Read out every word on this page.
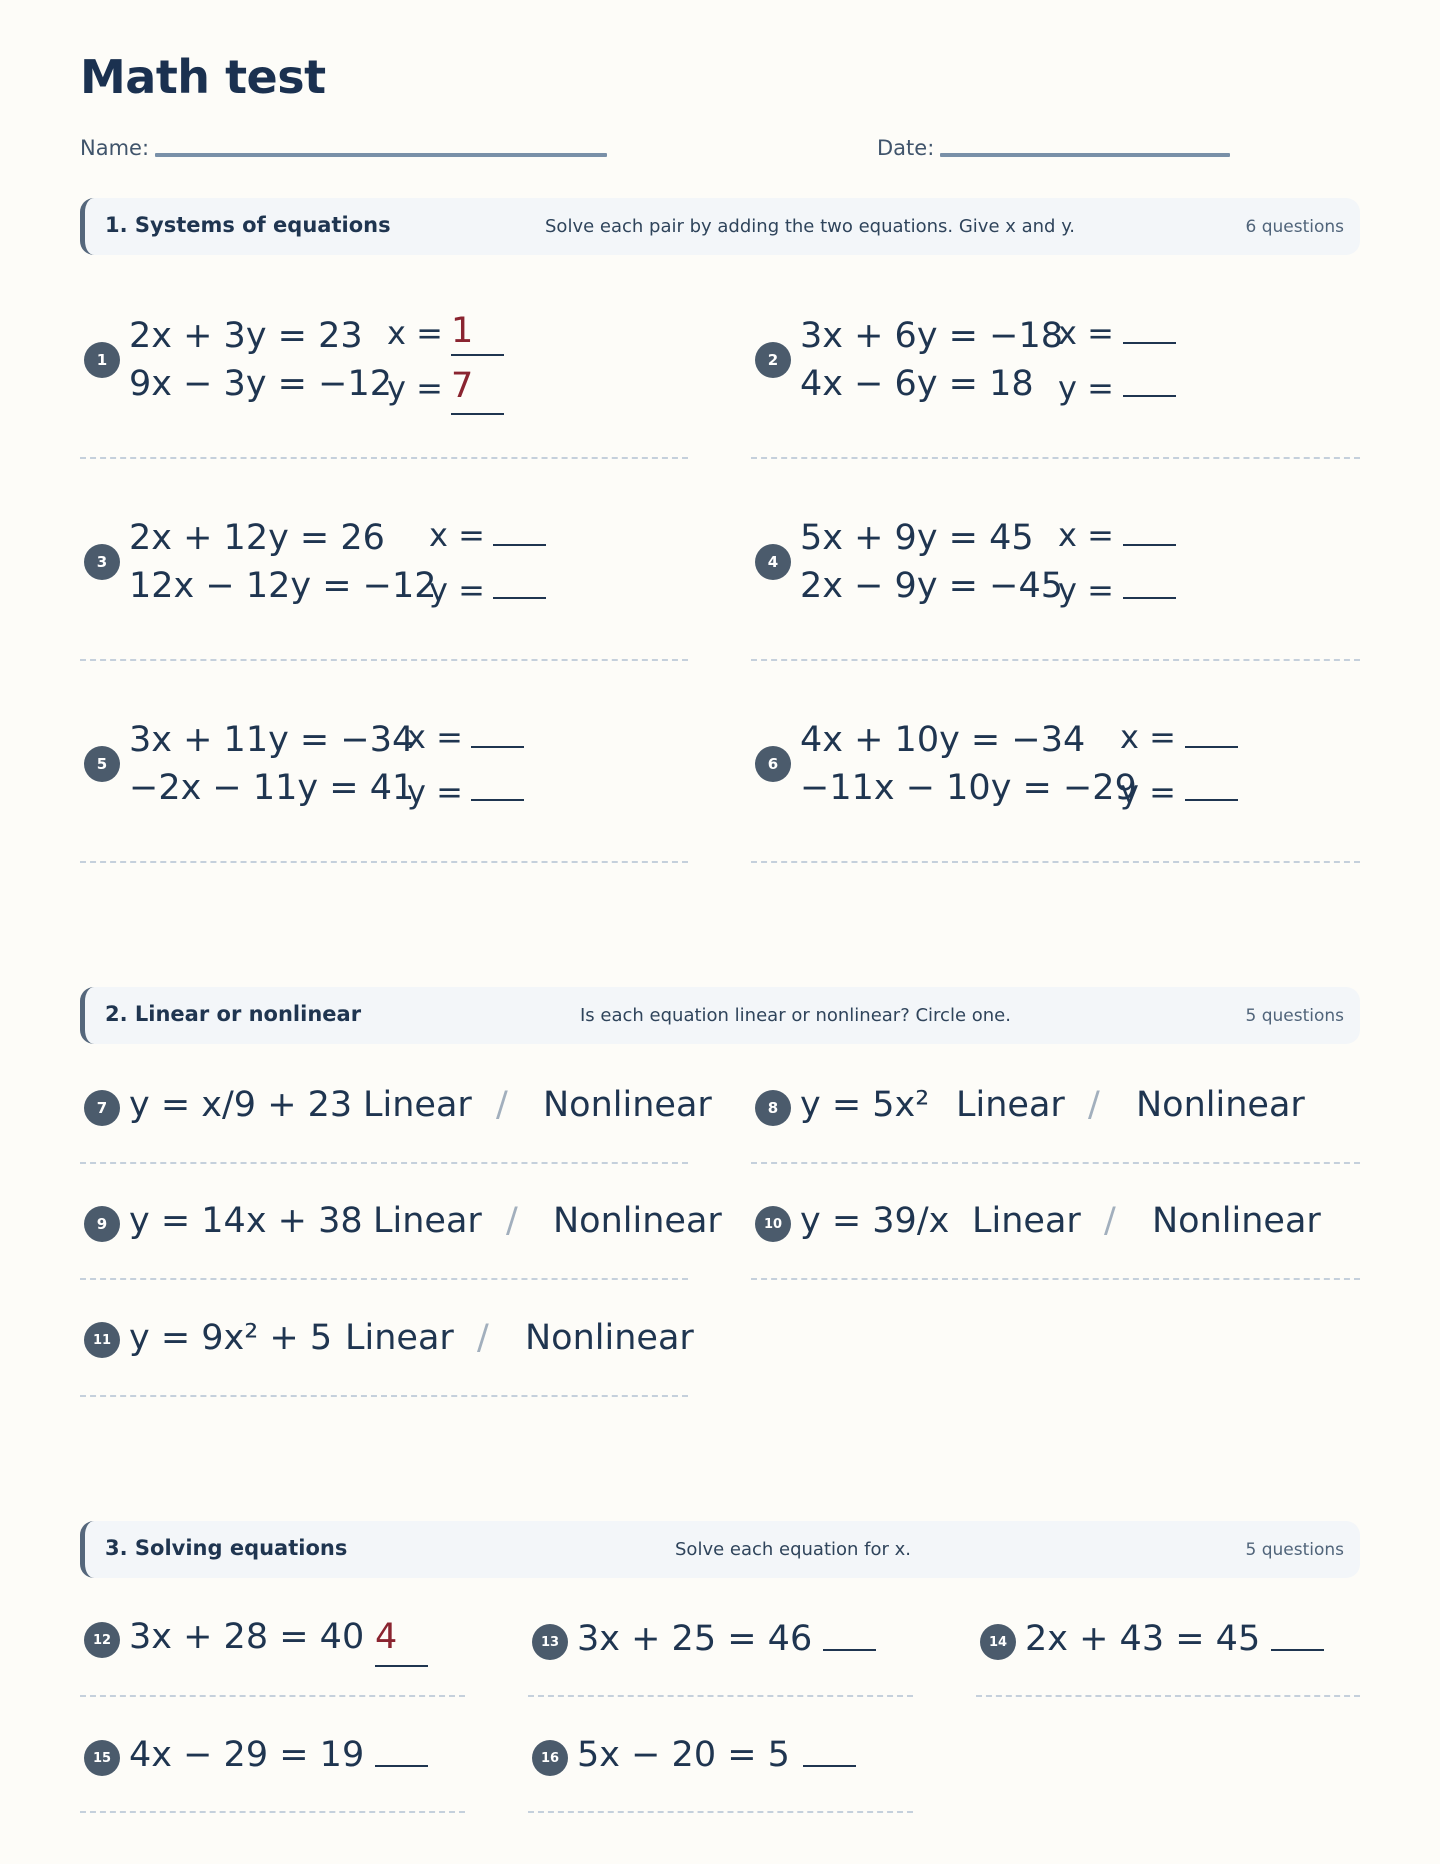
Math test
Name:	Date:
1. Systems of equations	Solve each pair by adding the two equations. Give x and y.	6 questions
1
2x + 3y = 23
9x − 3y = −12
x = 1
y = 7
2
3x + 6y = −18
4x − 6y = 18
x =
y =
3
2x + 12y = 26
12x − 12y = −12
x =
y =
4
5x + 9y = 45
2x − 9y = −45
x =
y =
5
3x + 11y = −34
−2x − 11y = 41
x =
y =
6
4x + 10y = −34
−11x − 10y = −29
x =
y =
2. Linear or nonlinear	Is each equation linear or nonlinear? Circle one.	5 questions
7 y = x/9 + 23 Linear / Nonlinear	8 y = 5x² Linear / Nonlinear
9 y = 14x + 38 Linear / Nonlinear	10 y = 39/x Linear / Nonlinear
11 y = 9x² + 5 Linear / Nonlinear
3. Solving equations	Solve each equation for x.	5 questions
12 3x + 28 = 40 4	13 3x + 25 = 46	14 2x + 43 = 45
15 4x − 29 = 19	16 5x − 20 = 5
